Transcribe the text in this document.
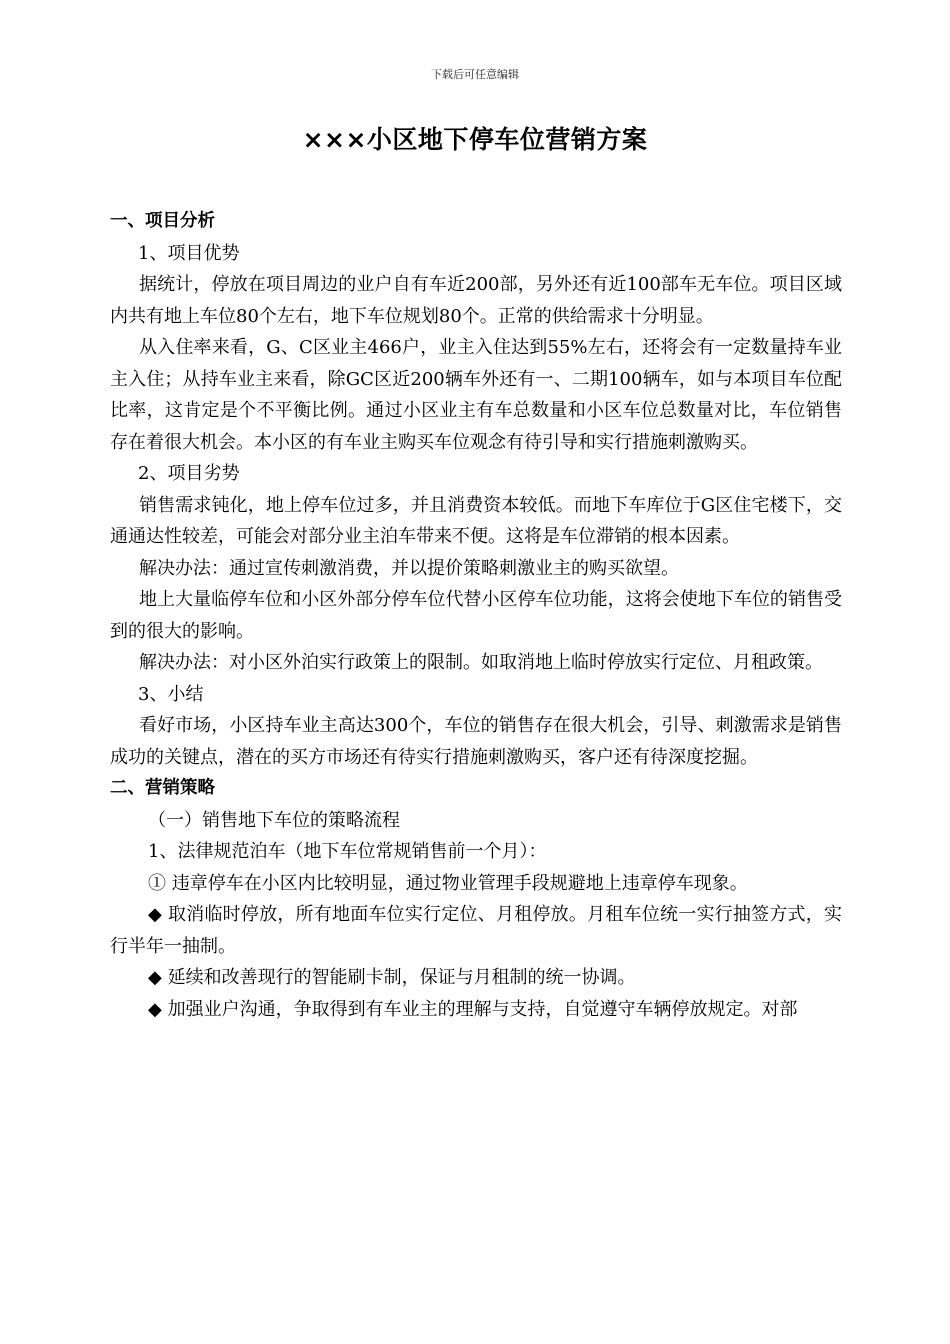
下载后可任意编辑
×××小区地下停车位营销方案

一、项目分析

1、项目优势

据统计，停放在项目周边的业户自有车近200部，另外还有近100部车无车位。项目区域内共有地上车位80个左右，地下车位规划80个。正常的供给需求十分明显。

从入住率来看，G、C区业主466户，业主入住达到55%左右，还将会有一定数量持车业主入住；从持车业主来看，除GC区近200辆车外还有一、二期100辆车，如与本项目车位配比率，这肯定是个不平衡比例。通过小区业主有车总数量和小区车位总数量对比，车位销售存在着很大机会。本小区的有车业主购买车位观念有待引导和实行措施刺激购买。

2、项目劣势

销售需求钝化，地上停车位过多，并且消费资本较低。而地下车库位于G区住宅楼下，交通通达性较差，可能会对部分业主泊车带来不便。这将是车位滞销的根本因素。

解决办法：通过宣传刺激消费，并以提价策略刺激业主的购买欲望。

地上大量临停车位和小区外部分停车位代替小区停车位功能，这将会使地下车位的销售受到的很大的影响。

解决办法：对小区外泊实行政策上的限制。如取消地上临时停放实行定位、月租政策。

3、小结

看好市场，小区持车业主高达300个，车位的销售存在很大机会，引导、刺激需求是销售成功的关键点，潜在的买方市场还有待实行措施刺激购买，客户还有待深度挖掘。

二、营销策略

（一）销售地下车位的策略流程

1、法律规范泊车（地下车位常规销售前一个月）：

① 违章停车在小区内比较明显，通过物业管理手段规避地上违章停车现象。

◆ 取消临时停放，所有地面车位实行定位、月租停放。月租车位统一实行抽签方式，实行半年一抽制。

◆ 延续和改善现行的智能刷卡制，保证与月租制的统一协调。

◆ 加强业户沟通，争取得到有车业主的理解与支持，自觉遵守车辆停放规定。对部
